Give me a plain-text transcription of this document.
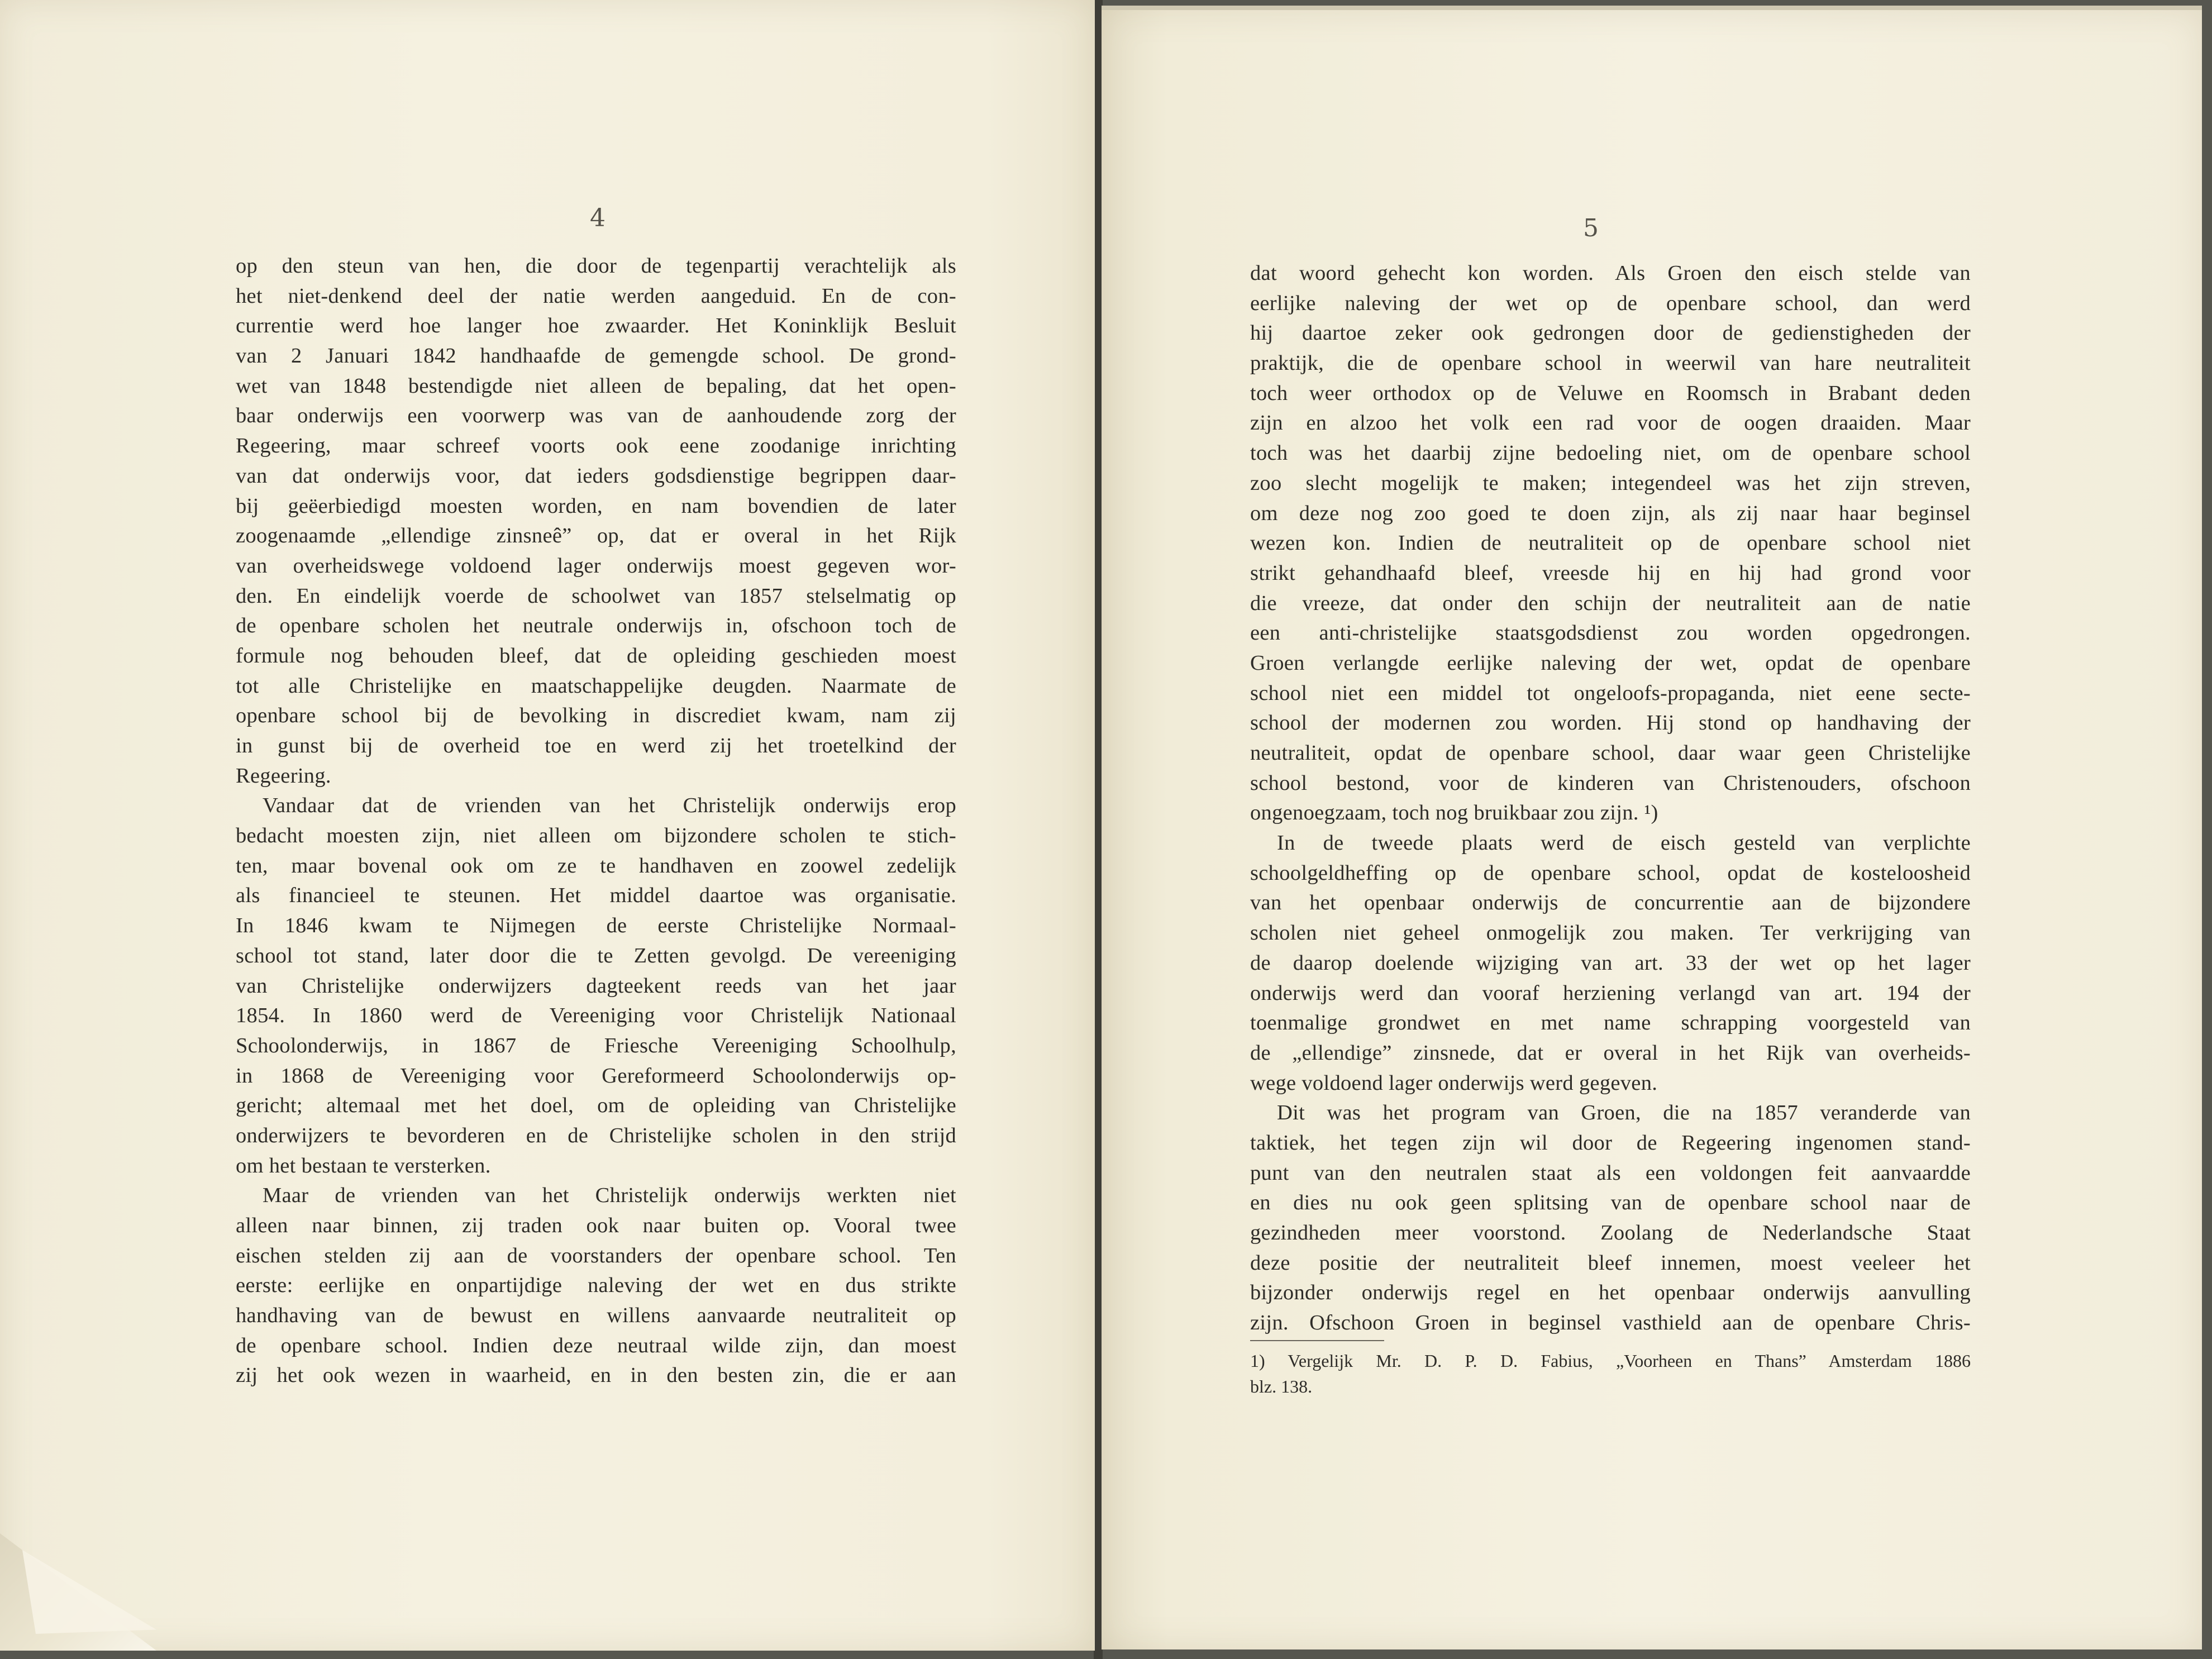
4
op den steun van hen, die door de tegenpartij verachtelijk als
het niet-denkend deel der natie werden aangeduid. En de con-
currentie werd hoe langer hoe zwaarder. Het Koninklijk Besluit
van 2 Januari 1842 handhaafde de gemengde school. De grond-
wet van 1848 bestendigde niet alleen de bepaling, dat het open-
baar onderwijs een voorwerp was van de aanhoudende zorg der
Regeering, maar schreef voorts ook eene zoodanige inrichting
van dat onderwijs voor, dat ieders godsdienstige begrippen daar-
bij geëerbiedigd moesten worden, en nam bovendien de later
zoogenaamde „ellendige zinsneê” op, dat er overal in het Rijk
van overheidswege voldoend lager onderwijs moest gegeven wor-
den. En eindelijk voerde de schoolwet van 1857 stelselmatig op
de openbare scholen het neutrale onderwijs in, ofschoon toch de
formule nog behouden bleef, dat de opleiding geschieden moest
tot alle Christelijke en maatschappelijke deugden. Naarmate de
openbare school bij de bevolking in discrediet kwam, nam zij
in gunst bij de overheid toe en werd zij het troetelkind der
Regeering.
Vandaar dat de vrienden van het Christelijk onderwijs erop
bedacht moesten zijn, niet alleen om bijzondere scholen te stich-
ten, maar bovenal ook om ze te handhaven en zoowel zedelijk
als financieel te steunen. Het middel daartoe was organisatie.
In 1846 kwam te Nijmegen de eerste Christelijke Normaal-
school tot stand, later door die te Zetten gevolgd. De vereeniging
van Christelijke onderwijzers dagteekent reeds van het jaar
1854. In 1860 werd de Vereeniging voor Christelijk Nationaal
Schoolonderwijs, in 1867 de Friesche Vereeniging Schoolhulp,
in 1868 de Vereeniging voor Gereformeerd Schoolonderwijs op-
gericht; altemaal met het doel, om de opleiding van Christelijke
onderwijzers te bevorderen en de Christelijke scholen in den strijd
om het bestaan te versterken.
Maar de vrienden van het Christelijk onderwijs werkten niet
alleen naar binnen, zij traden ook naar buiten op. Vooral twee
eischen stelden zij aan de voorstanders der openbare school. Ten
eerste: eerlijke en onpartijdige naleving der wet en dus strikte
handhaving van de bewust en willens aanvaarde neutraliteit op
de openbare school. Indien deze neutraal wilde zijn, dan moest
zij het ook wezen in waarheid, en in den besten zin, die er aan
5
dat woord gehecht kon worden. Als Groen den eisch stelde van
eerlijke naleving der wet op de openbare school, dan werd
hij daartoe zeker ook gedrongen door de gedienstigheden der
praktijk, die de openbare school in weerwil van hare neutraliteit
toch weer orthodox op de Veluwe en Roomsch in Brabant deden
zijn en alzoo het volk een rad voor de oogen draaiden. Maar
toch was het daarbij zijne bedoeling niet, om de openbare school
zoo slecht mogelijk te maken; integendeel was het zijn streven,
om deze nog zoo goed te doen zijn, als zij naar haar beginsel
wezen kon. Indien de neutraliteit op de openbare school niet
strikt gehandhaafd bleef, vreesde hij en hij had grond voor
die vreeze, dat onder den schijn der neutraliteit aan de natie
een anti-christelijke staatsgodsdienst zou worden opgedrongen.
Groen verlangde eerlijke naleving der wet, opdat de openbare
school niet een middel tot ongeloofs-propaganda, niet eene secte-
school der modernen zou worden. Hij stond op handhaving der
neutraliteit, opdat de openbare school, daar waar geen Christelijke
school bestond, voor de kinderen van Christenouders, ofschoon
ongenoegzaam, toch nog bruikbaar zou zijn. ¹)
In de tweede plaats werd de eisch gesteld van verplichte
schoolgeldheffing op de openbare school, opdat de kosteloosheid
van het openbaar onderwijs de concurrentie aan de bijzondere
scholen niet geheel onmogelijk zou maken. Ter verkrijging van
de daarop doelende wijziging van art. 33 der wet op het lager
onderwijs werd dan vooraf herziening verlangd van art. 194 der
toenmalige grondwet en met name schrapping voorgesteld van
de „ellendige” zinsnede, dat er overal in het Rijk van overheids-
wege voldoend lager onderwijs werd gegeven.
Dit was het program van Groen, die na 1857 veranderde van
taktiek, het tegen zijn wil door de Regeering ingenomen stand-
punt van den neutralen staat als een voldongen feit aanvaardde
en dies nu ook geen splitsing van de openbare school naar de
gezindheden meer voorstond. Zoolang de Nederlandsche Staat
deze positie der neutraliteit bleef innemen, moest veeleer het
bijzonder onderwijs regel en het openbaar onderwijs aanvulling
zijn. Ofschoon Groen in beginsel vasthield aan de openbare Chris-
1) Vergelijk Mr. D. P. D. Fabius, „Voorheen en Thans” Amsterdam 1886
blz. 138.
